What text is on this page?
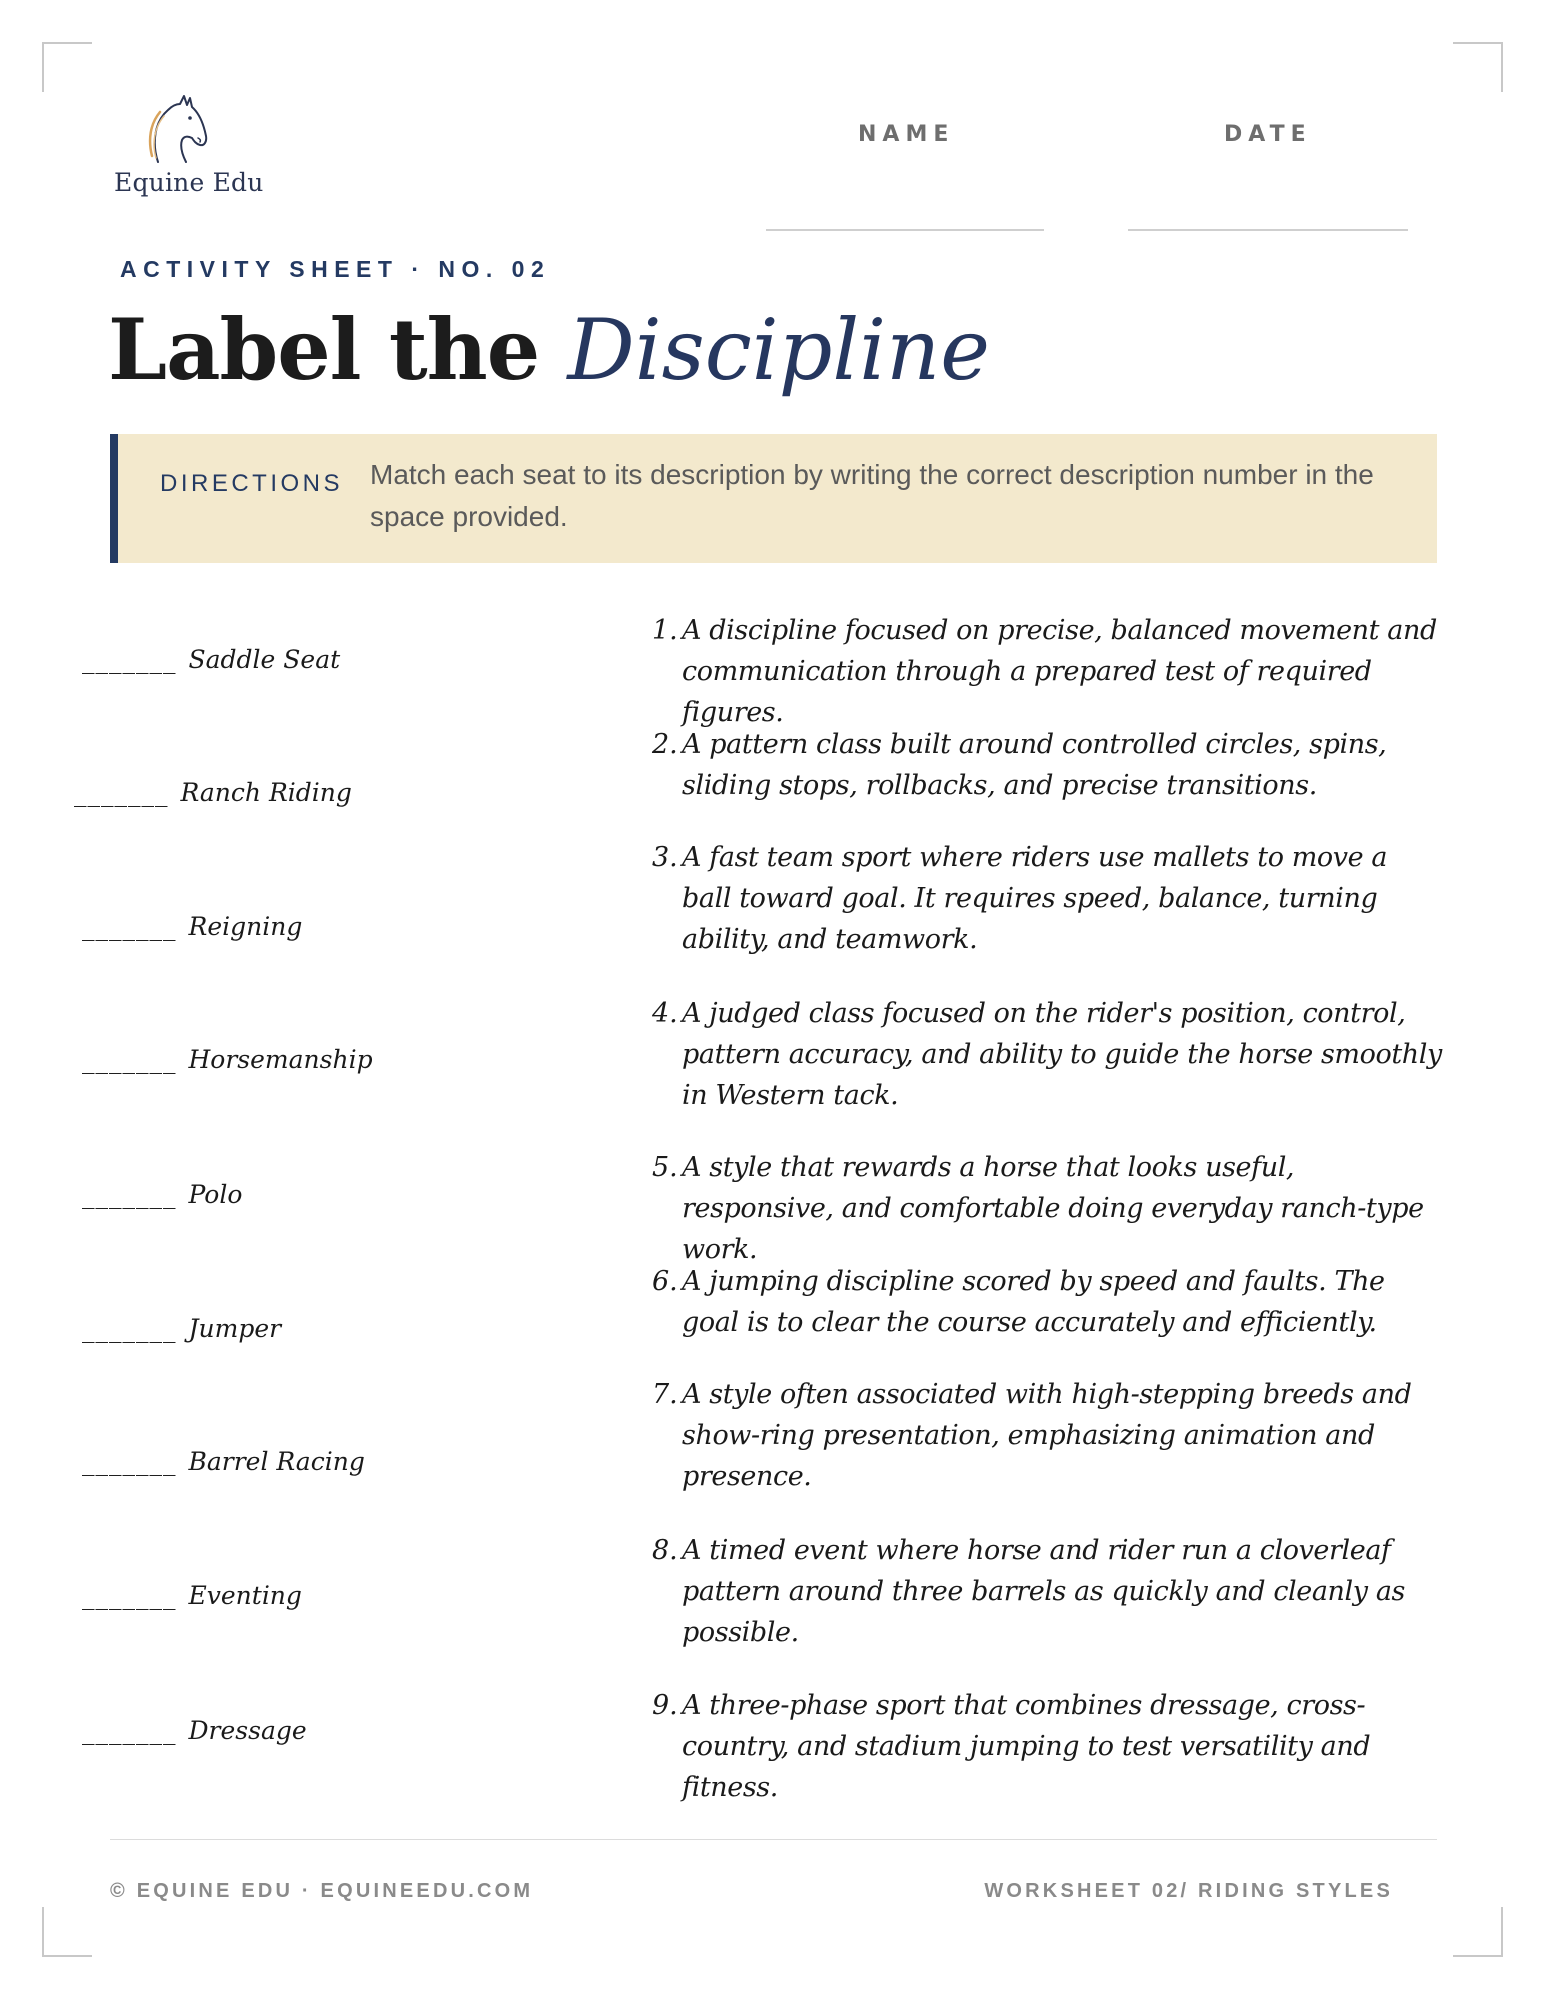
Equine Edu
NAME	DATE
ACTIVITY SHEET · NO. 02
Label the Discipline
DIRECTIONS Match each seat to its description by writing the correct description number in the space provided.
_______ Saddle Seat
_______ Ranch Riding
_______ Reigning
_______ Horsemanship
_______ Polo
_______ Jumper
_______ Barrel Racing
_______ Eventing
_______ Dressage
1. A discipline focused on precise, balanced movement and communication through a prepared test of required figures.
2. A pattern class built around controlled circles, spins, sliding stops, rollbacks, and precise transitions.
3. A fast team sport where riders use mallets to move a ball toward goal. It requires speed, balance, turning ability, and teamwork.
4. A judged class focused on the rider's position, control, pattern accuracy, and ability to guide the horse smoothly in Western tack.
5. A style that rewards a horse that looks useful, responsive, and comfortable doing everyday ranch-type work.
6. A jumping discipline scored by speed and faults. The goal is to clear the course accurately and efficiently.
7. A style often associated with high-stepping breeds and show-ring presentation, emphasizing animation and presence.
8. A timed event where horse and rider run a cloverleaf pattern around three barrels as quickly and cleanly as possible.
9. A three-phase sport that combines dressage, cross-country, and stadium jumping to test versatility and fitness.
© EQUINE EDU · EQUINEEDU.COM	WORKSHEET 02/ RIDING STYLES
